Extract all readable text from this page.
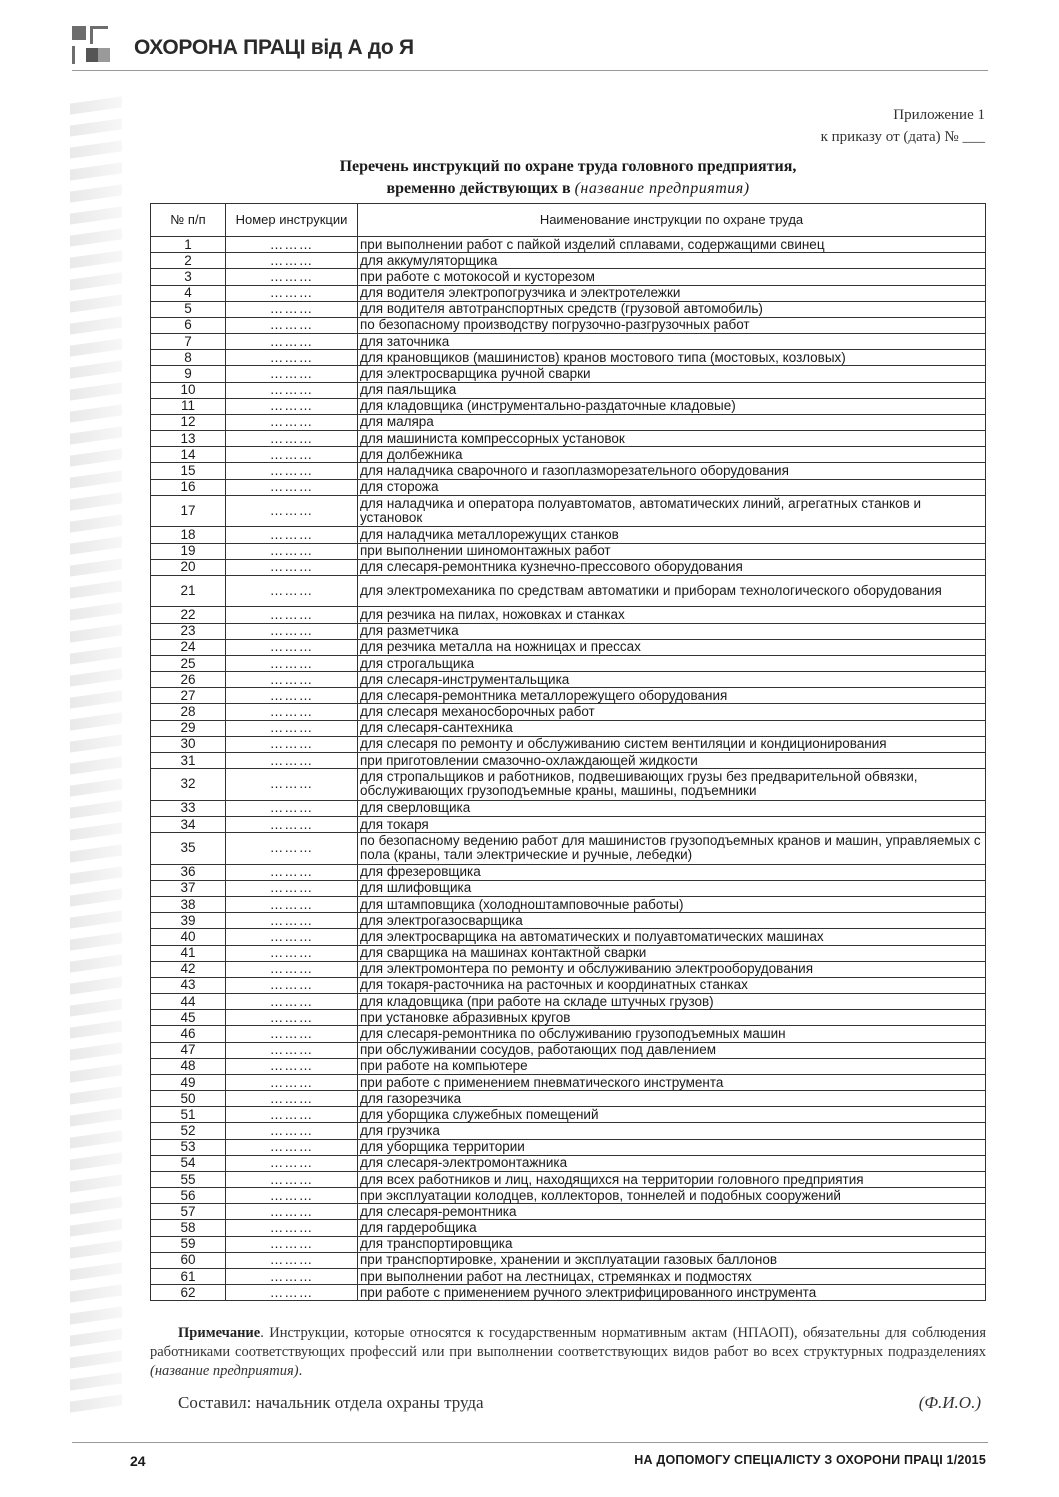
ОХОРОНА ПРАЦІ від А до Я
Приложение 1
к приказу от (дата) № ___
Перечень инструкций по охране труда головного предприятия,
временно действующих в (название предприятия)
№ п/п	Номер инструкции	Наименование инструкции по охране труда
1	………	при выполнении работ с пайкой изделий сплавами, содержащими свинец
2	………	для аккумуляторщика
3	………	при работе с мотокосой и кусторезом
4	………	для водителя электропогрузчика и электротележки
5	………	для водителя автотранспортных средств (грузовой автомобиль)
6	………	по безопасному производству погрузочно-разгрузочных работ
7	………	для заточника
8	………	для крановщиков (машинистов) кранов мостового типа (мостовых, козловых)
9	………	для электросварщика ручной сварки
10	………	для паяльщика
11	………	для кладовщика (инструментально-раздаточные кладовые)
12	………	для маляра
13	………	для машиниста компрессорных установок
14	………	для долбежника
15	………	для наладчика сварочного и газоплазморезательного оборудования
16	………	для сторожа
17	………	для наладчика и оператора полуавтоматов, автоматических линий, агрегатных станков и установок
18	………	для наладчика металлорежущих станков
19	………	при выполнении шиномонтажных работ
20	………	для слесаря-ремонтника кузнечно-прессового оборудования
21	………	для электромеханика по средствам автоматики и приборам технологического оборудования
22	………	для резчика на пилах, ножовках и станках
23	………	для разметчика
24	………	для резчика металла на ножницах и прессах
25	………	для строгальщика
26	………	для слесаря-инструментальщика
27	………	для слесаря-ремонтника металлорежущего оборудования
28	………	для слесаря механосборочных работ
29	………	для слесаря-сантехника
30	………	для слесаря по ремонту и обслуживанию систем вентиляции и кондиционирования
31	………	при приготовлении смазочно-охлаждающей жидкости
32	………	для стропальщиков и работников, подвешивающих грузы без предварительной обвязки, обслуживающих грузоподъемные краны, машины, подъемники
33	………	для сверловщика
34	………	для токаря
35	………	по безопасному ведению работ для машинистов грузоподъемных кранов и машин, управляемых с пола (краны, тали электрические и ручные, лебедки)
36	………	для фрезеровщика
37	………	для шлифовщика
38	………	для штамповщика (холодноштамповочные работы)
39	………	для электрогазосварщика
40	………	для электросварщика на автоматических и полуавтоматических машинах
41	………	для сварщика на машинах контактной сварки
42	………	для электромонтера по ремонту и обслуживанию электрооборудования
43	………	для токаря-расточника на расточных и координатных станках
44	………	для кладовщика (при работе на складе штучных грузов)
45	………	при установке абразивных кругов
46	………	для слесаря-ремонтника по обслуживанию грузоподъемных машин
47	………	при обслуживании сосудов, работающих под давлением
48	………	при работе на компьютере
49	………	при работе с применением пневматического инструмента
50	………	для газорезчика
51	………	для уборщика служебных помещений
52	………	для грузчика
53	………	для уборщика территории
54	………	для слесаря-электромонтажника
55	………	для всех работников и лиц, находящихся на территории головного предприятия
56	………	при эксплуатации колодцев, коллекторов, тоннелей и подобных сооружений
57	………	для слесаря-ремонтника
58	………	для гардеробщика
59	………	для транспортировщика
60	………	при транспортировке, хранении и эксплуатации газовых баллонов
61	………	при выполнении работ на лестницах, стремянках и подмостях
62	………	при работе с применением ручного электрифицированного инструмента
Примечание. Инструкции, которые относятся к государственным нормативным актам (НПАОП), обязательны для соблюдения работниками соответствующих профессий или при выполнении соответствующих видов работ во всех структурных подразделениях (название предприятия).
Составил: начальник отдела охраны труда	(Ф.И.О.)
24	НА ДОПОМОГУ СПЕЦІАЛІСТУ З ОХОРОНИ ПРАЦІ 1/2015
